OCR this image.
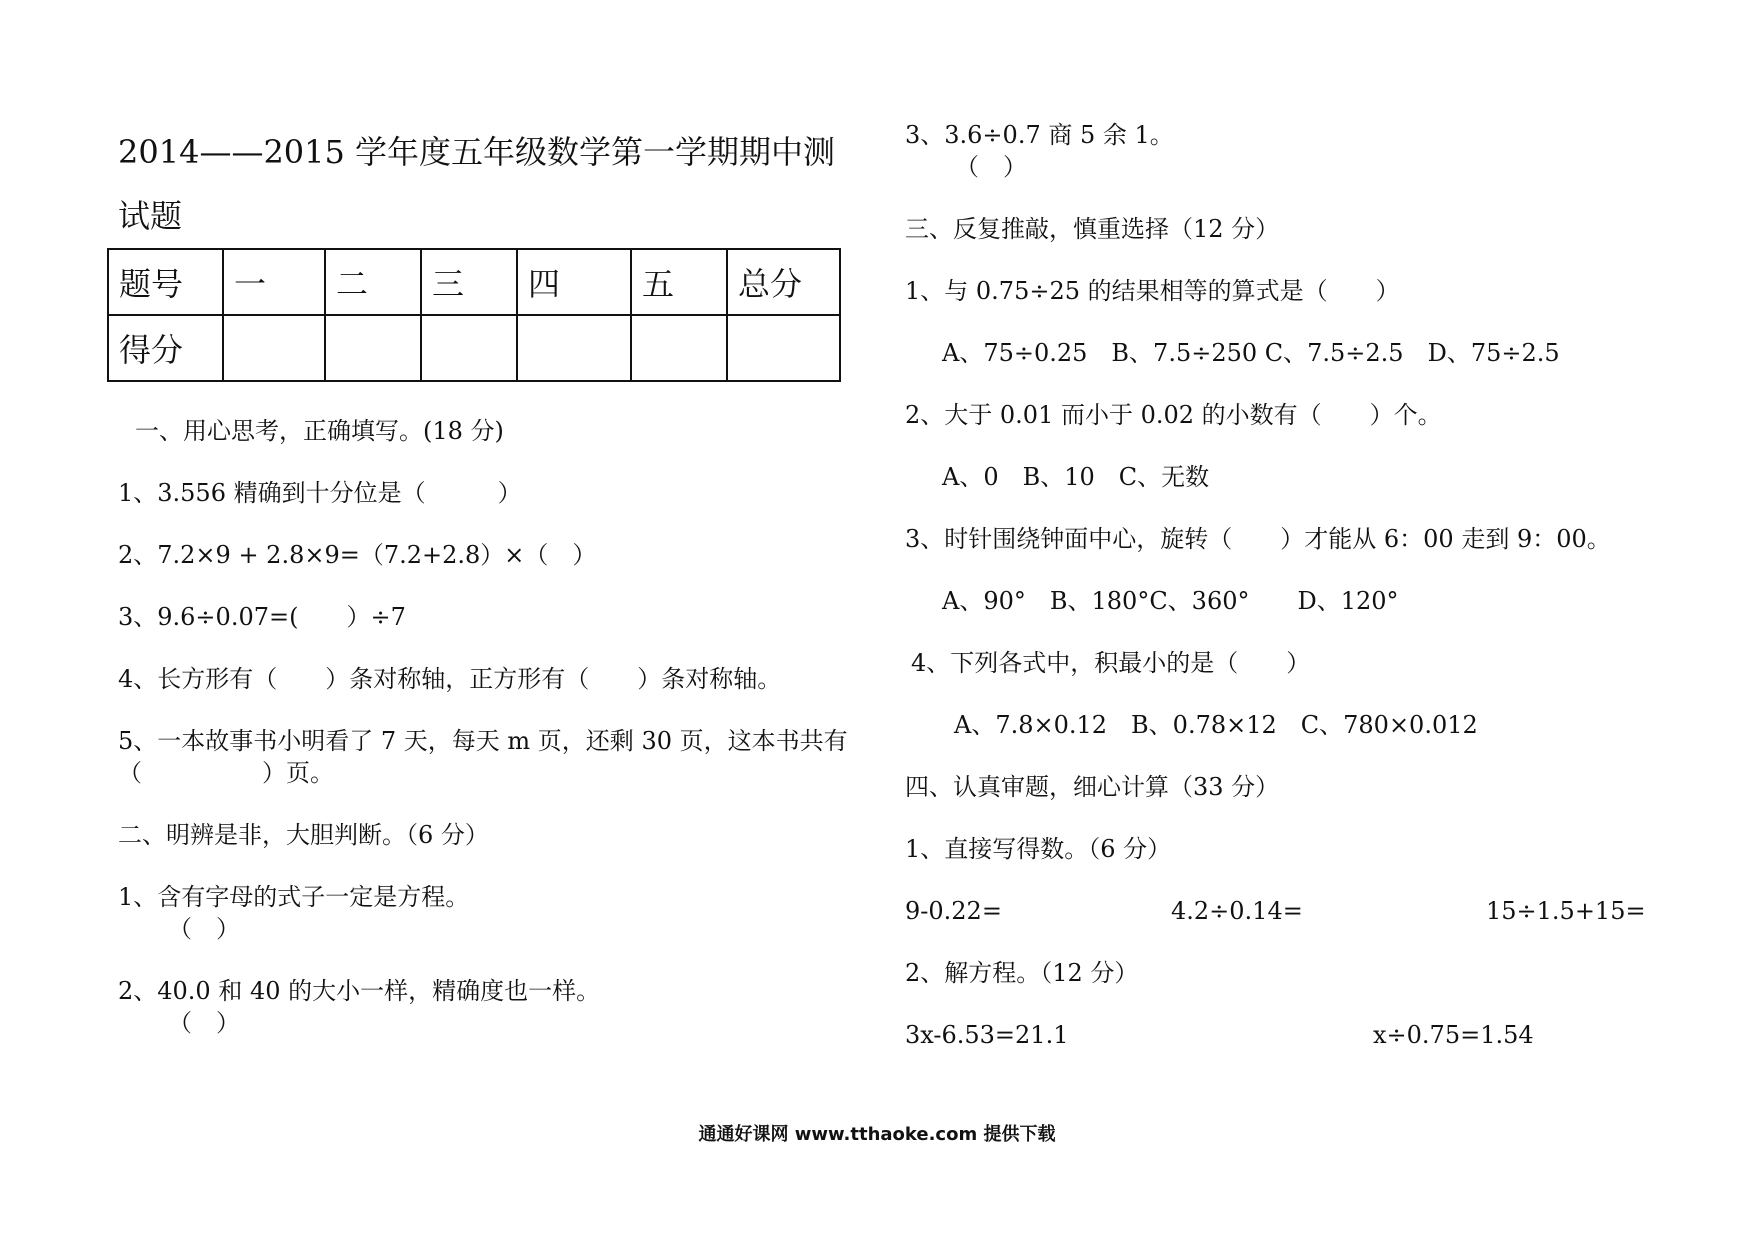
2014——2015 学年度五年级数学第一学期期中测
试题
题号	一	二	三	四	五	总分
得分						
一、用心思考，正确填写。(18 分)
1、3.556 精确到十分位是（　　　）
2、7.2×9 + 2.8×9=（7.2+2.8）×（　）
3、9.6÷0.07=(　　）÷7
4、长方形有（　　）条对称轴，正方形有（　　）条对称轴。
5、一本故事书小明看了 7 天，每天 m 页，还剩 30 页，这本书共有
（　　　　　）页。
二、明辨是非，大胆判断。（6 分）
1、含有字母的式子一定是方程。
（　）
2、40.0 和 40 的大小一样，精确度也一样。
（　）
3、3.6÷0.7 商 5 余 1。
（　）
三、反复推敲，慎重选择（12 分）
1、与 0.75÷25 的结果相等的算式是（　　）
A、75÷0.25　B、7.5÷250 C、7.5÷2.5　D、75÷2.5
2、大于 0.01 而小于 0.02 的小数有（　　）个。
A、0　B、10　C、无数
3、时针围绕钟面中心，旋转（　　）才能从 6：00 走到 9：00。
A、90°　B、180°C、360°　　D、120°
4、下列各式中，积最小的是（　　）
A、7.8×0.12　B、0.78×12　C、780×0.012
四、认真审题，细心计算（33 分）
1、直接写得数。（6 分）
9-0.22=	4.2÷0.14=	15÷1.5+15=
2、解方程。（12 分）
3x-6.53=21.1	x÷0.75=1.54
通通好课网 www.tthaoke.com 提供下载
